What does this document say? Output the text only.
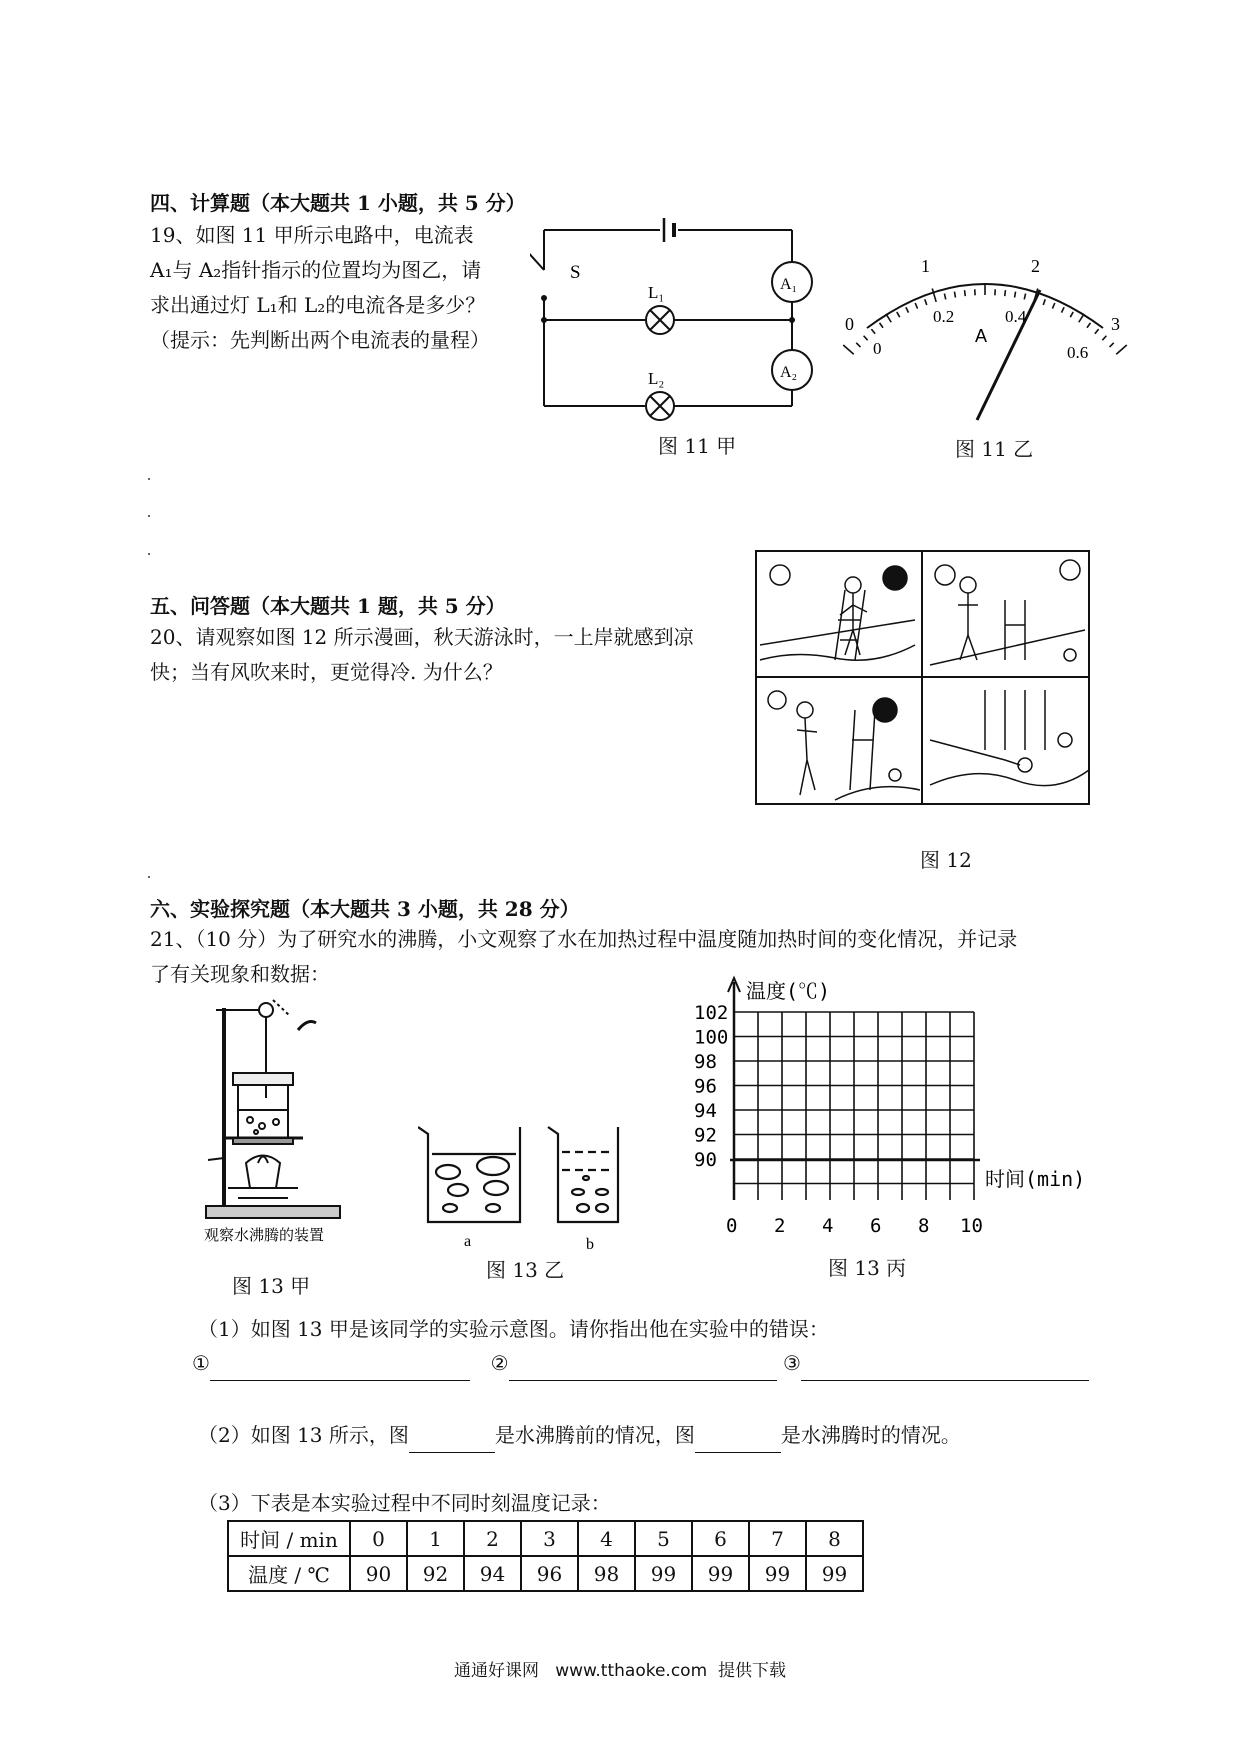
四、计算题（本大题共 1 小题，共 5 分）
19、如图 11 甲所示电路中，电流表
A₁与 A₂指针指示的位置均为图乙，请
求出通过灯 L₁和 L₂的电流各是多少？
（提示：先判断出两个电流表的量程）
S
L₁
L₂
A₁
A₂
图 11 甲
0
1	2
3
0
0.2	0.4
0.6
A
图 11 乙
五、问答题（本大题共 1 题，共 5 分）
20、请观察如图 12 所示漫画，秋天游泳时，一上岸就感到凉
快；当有风吹来时，更觉得冷. 为什么？
图 12
六、实验探究题（本大题共 3 小题，共 28 分）
21、（10 分）为了研究水的沸腾，小文观察了水在加热过程中温度随加热时间的变化情况，并记录
了有关现象和数据：
观察水沸腾的装置
图 13 甲
a	b
图 13 乙
温度(℃)
时间(min)
102
100
98
96
94
92
90
0 2 4 6 8 10
图 13 丙
（1）如图 13 甲是该同学的实验示意图。请你指出他在实验中的错误：
①	②	③
（2）如图 13 所示，图	是水沸腾前的情况，图	是水沸腾时的情况。
（3）下表是本实验过程中不同时刻温度记录：
时间 / min	0	1	2	3	4	5	6	7	8
温度 / ℃	90	92	94	96	98	99	99	99	99
通通好课网   www.tthaoke.com  提供下载
